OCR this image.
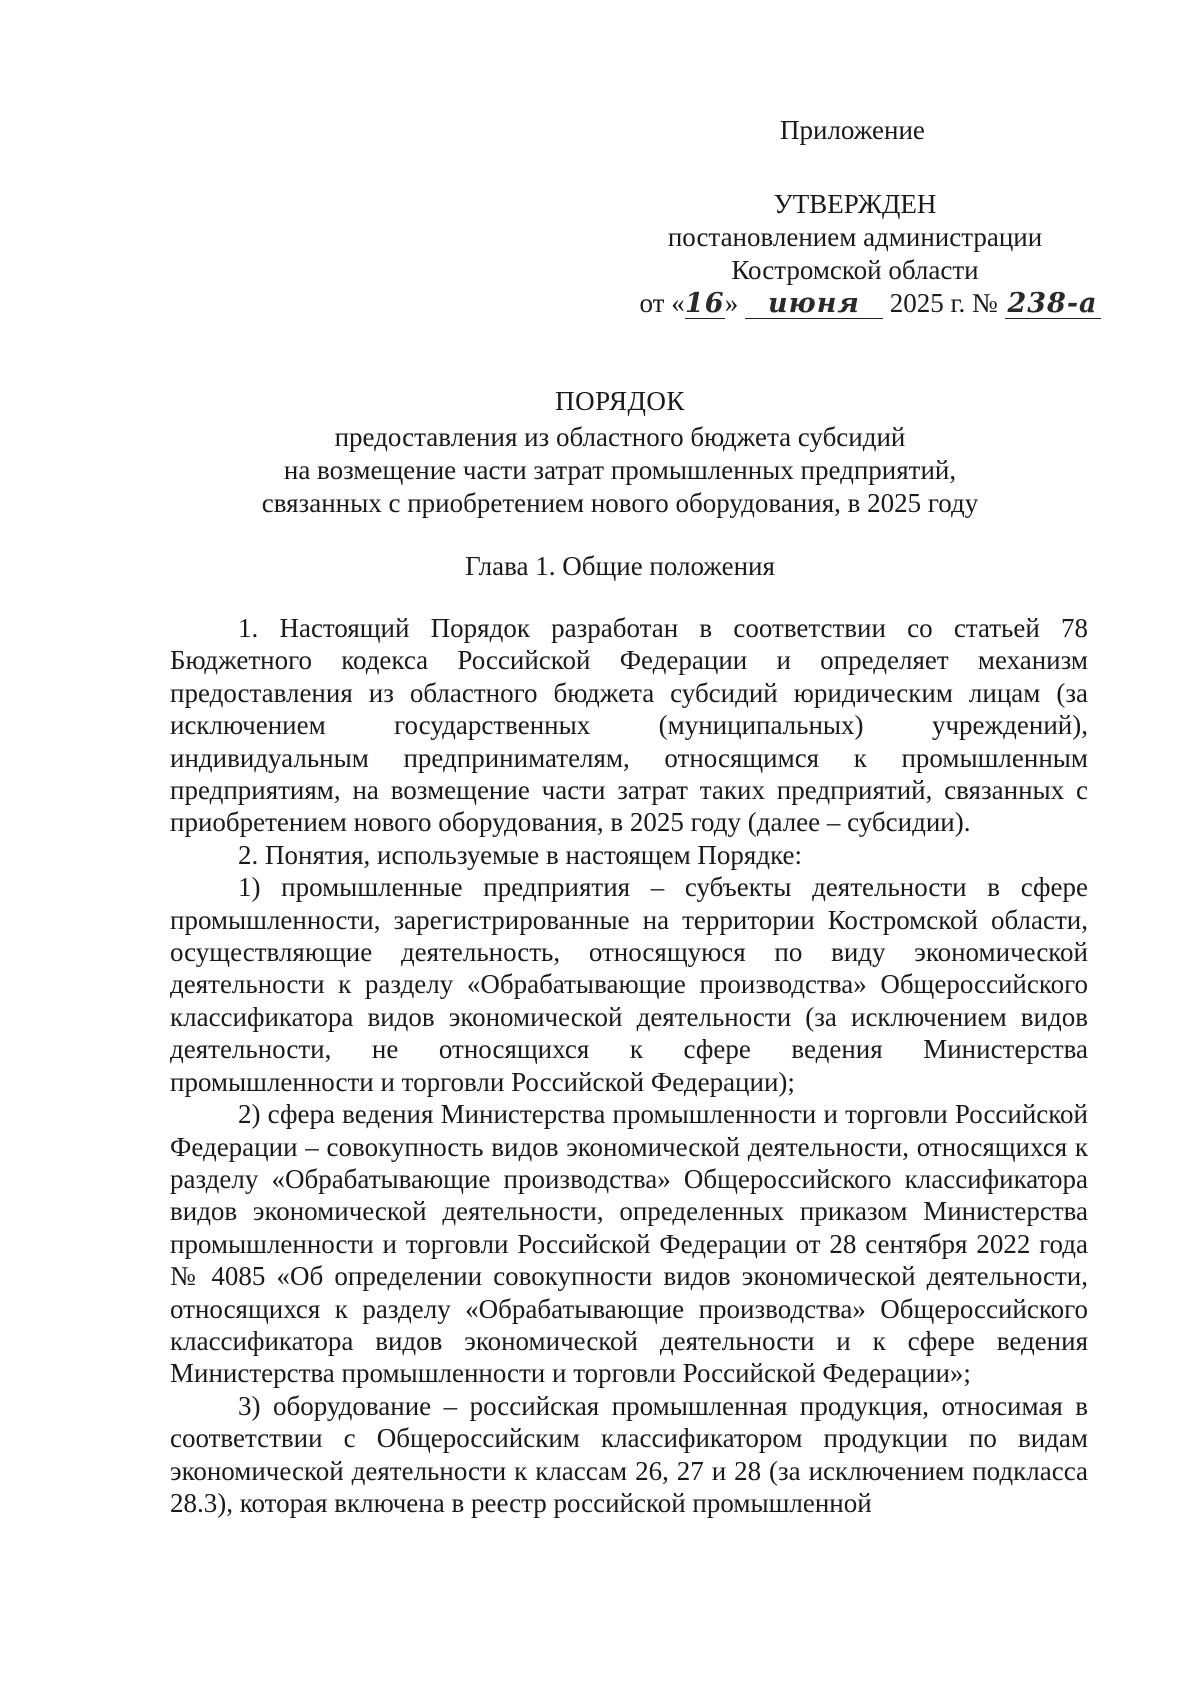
Приложение
УТВЕРЖДЕН
постановлением администрации
Костромской области
от «16» июня 2025 г. № 238-а
ПОРЯДОК
предоставления из областного бюджета субсидий
на возмещение части затрат промышленных предприятий,
связанных с приобретением нового оборудования, в 2025 году
Глава 1. Общие положения

1. Настоящий Порядок разработан в соответствии со статьей 78 Бюджетного кодекса Российской Федерации и определяет механизм предоставления из областного бюджета субсидий юридическим лицам (за исключением государственных (муниципальных) учреждений), индивидуальным предпринимателям, относящимся к промышленным предприятиям, на возмещение части затрат таких предприятий, связанных с приобретением нового оборудования, в 2025 году (далее – субсидии).

2. Понятия, используемые в настоящем Порядке:

1) промышленные предприятия – субъекты деятельности в сфере промышленности, зарегистрированные на территории Костромской области, осуществляющие деятельность, относящуюся по виду экономической деятельности к разделу «Обрабатывающие производства» Общероссийского классификатора видов экономической деятельности (за исключением видов деятельности, не относящихся к сфере ведения Министерства промышленности и торговли Российской Федерации);

2) сфера ведения Министерства промышленности и торговли Российской Федерации – совокупность видов экономической деятельности, относящихся к разделу «Обрабатывающие производства» Общероссийского классификатора видов экономической деятельности, определенных приказом Министерства промышленности и торговли Российской Федерации от 28 сентября 2022 года № 4085 «Об определении совокупности видов экономической деятельности, относящихся к разделу «Обрабатывающие производства» Общероссийского классификатора видов экономической деятельности и к сфере ведения Министерства промышленности и торговли Российской Федерации»;

3) оборудование – российская промышленная продукция, относимая в соответствии с Общероссийским классификатором продукции по видам экономической деятельности к классам 26, 27 и 28 (за исключением подкласса 28.3), которая включена в реестр российской промышленной
